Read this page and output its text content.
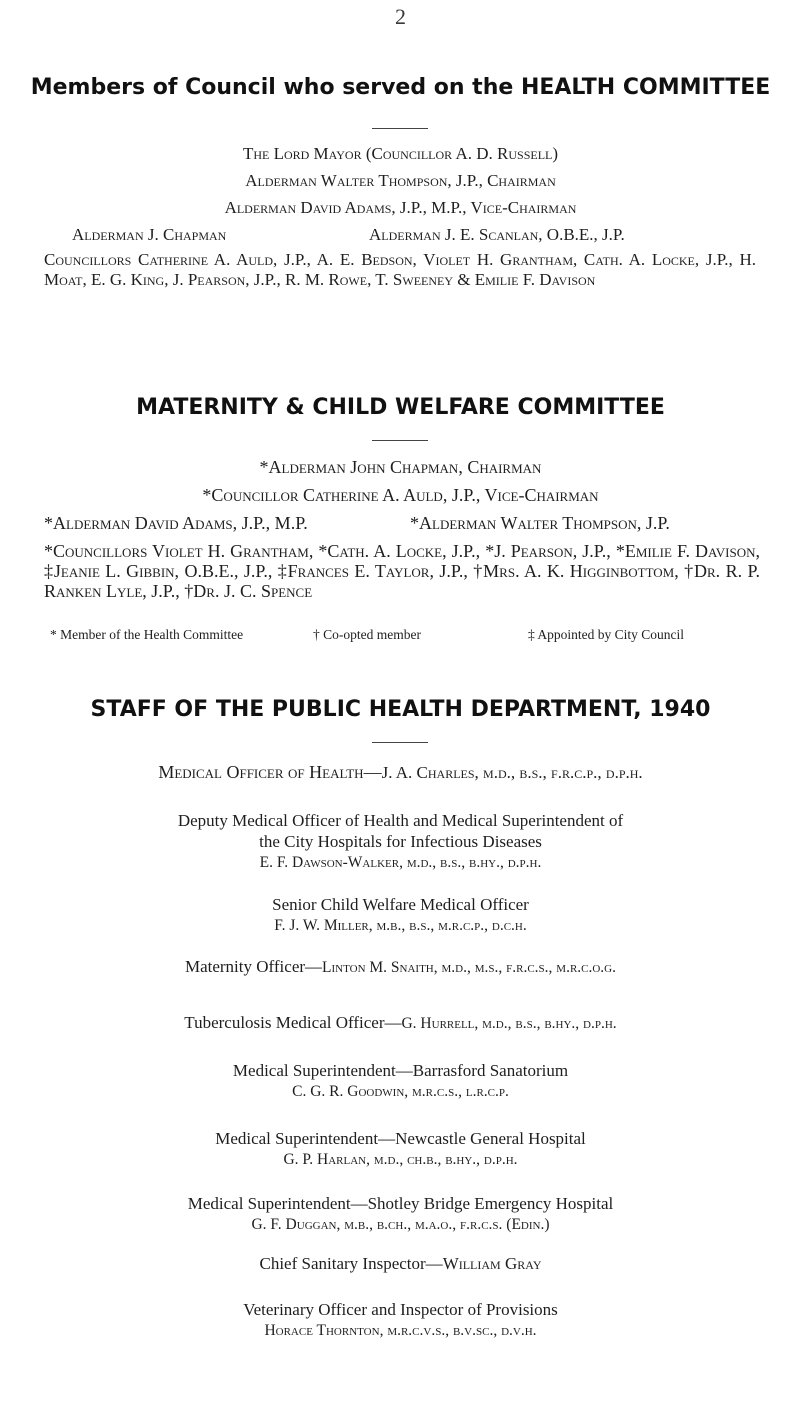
2
Members of Council who served on the HEALTH COMMITTEE
The Lord Mayor (Councillor A. D. Russell)
Alderman Walter Thompson, J.P., Chairman
Alderman David Adams, J.P., M.P., Vice-Chairman
Alderman J. Chapman	Alderman J. E. Scanlan, O.B.E., J.P.
Councillors Catherine A. Auld, J.P., A. E. Bedson, Violet H. Grantham, Cath. A. Locke, J.P., H. Moat, E. G. King, J. Pearson, J.P., R. M. Rowe, T. Sweeney & Emilie F. Davison
MATERNITY & CHILD WELFARE COMMITTEE
*Alderman John Chapman, Chairman
*Councillor Catherine A. Auld, J.P., Vice-Chairman
*Alderman David Adams, J.P., M.P.	*Alderman Walter Thompson, J.P.
*Councillors Violet H. Grantham, *Cath. A. Locke, J.P., *J. Pearson, J.P., *Emilie F. Davison, ‡Jeanie L. Gibbin, O.B.E., J.P., ‡Frances E. Taylor, J.P., †Mrs. A. K. Higginbottom, †Dr. R. P. Ranken Lyle, J.P., †Dr. J. C. Spence
* Member of the Health Committee	† Co-opted member	‡ Appointed by City Council
STAFF OF THE PUBLIC HEALTH DEPARTMENT, 1940
Medical Officer of Health—J. A. Charles, m.d., b.s., f.r.c.p., d.p.h.
Deputy Medical Officer of Health and Medical Superintendent of
the City Hospitals for Infectious Diseases
E. F. Dawson-Walker, m.d., b.s., b.hy., d.p.h.
Senior Child Welfare Medical Officer
F. J. W. Miller, m.b., b.s., m.r.c.p., d.c.h.
Maternity Officer—Linton M. Snaith, m.d., m.s., f.r.c.s., m.r.c.o.g.
Tuberculosis Medical Officer—G. Hurrell, m.d., b.s., b.hy., d.p.h.
Medical Superintendent—Barrasford Sanatorium
C. G. R. Goodwin, m.r.c.s., l.r.c.p.
Medical Superintendent—Newcastle General Hospital
G. P. Harlan, m.d., ch.b., b.hy., d.p.h.
Medical Superintendent—Shotley Bridge Emergency Hospital
G. F. Duggan, m.b., b.ch., m.a.o., f.r.c.s. (Edin.)
Chief Sanitary Inspector—William Gray
Veterinary Officer and Inspector of Provisions
Horace Thornton, m.r.c.v.s., b.v.sc., d.v.h.
